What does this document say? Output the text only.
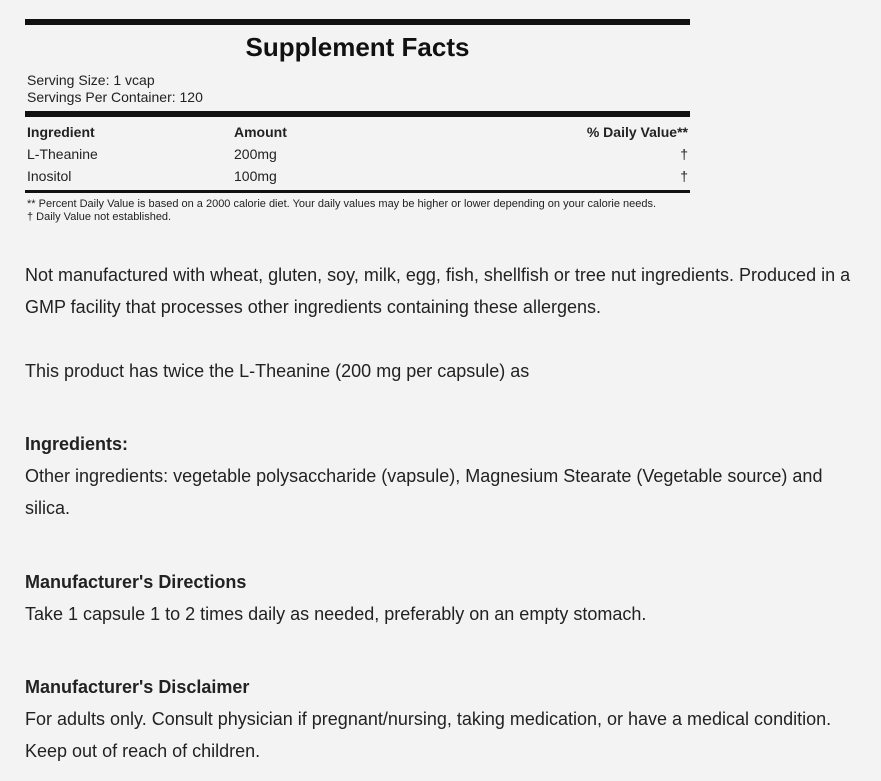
Supplement Facts
Serving Size: 1 vcap
Servings Per Container: 120
Ingredient	Amount	% Daily Value**
L-Theanine	200mg	†
Inositol	100mg	†
** Percent Daily Value is based on a 2000 calorie diet. Your daily values may be higher or lower depending on your calorie needs.
† Daily Value not established.
Not manufactured with wheat, gluten, soy, milk, egg, fish, shellfish or tree nut ingredients. Produced in a GMP facility that processes other ingredients containing these allergens.
This product has twice the L-Theanine (200 mg per capsule) as
Ingredients:
Other ingredients: vegetable polysaccharide (vapsule), Magnesium Stearate (Vegetable source) and silica.
Manufacturer's Directions
Take 1 capsule 1 to 2 times daily as needed, preferably on an empty stomach.
Manufacturer's Disclaimer
For adults only. Consult physician if pregnant/nursing, taking medication, or have a medical condition. Keep out of reach of children.
